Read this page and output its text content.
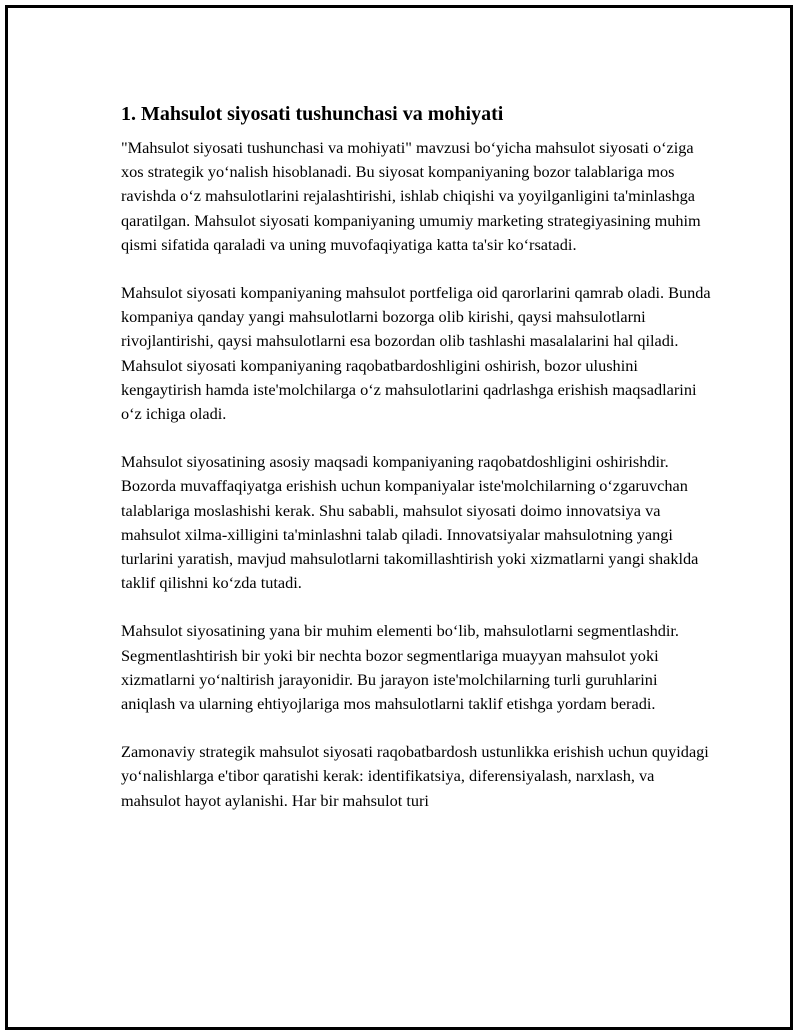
1. Mahsulot siyosati tushunchasi va mohiyati

"Mahsulot siyosati tushunchasi va mohiyati" mavzusi bo‘yicha mahsulot siyosati o‘ziga xos strategik yo‘nalish hisoblanadi. Bu siyosat kompaniyaning bozor talablariga mos ravishda o‘z mahsulotlarini rejalashtirishi, ishlab chiqishi va yoyilganligini ta'minlashga qaratilgan. Mahsulot siyosati kompaniyaning umumiy marketing strategiyasining muhim qismi sifatida qaraladi va uning muvofaqiyatiga katta ta'sir ko‘rsatadi.

Mahsulot siyosati kompaniyaning mahsulot portfeliga oid qarorlarini qamrab oladi. Bunda kompaniya qanday yangi mahsulotlarni bozorga olib kirishi, qaysi mahsulotlarni rivojlantirishi, qaysi mahsulotlarni esa bozordan olib tashlashi masalalarini hal qiladi. Mahsulot siyosati kompaniyaning raqobatbardoshligini oshirish, bozor ulushini kengaytirish hamda iste'molchilarga o‘z mahsulotlarini qadrlashga erishish maqsadlarini o‘z ichiga oladi.

Mahsulot siyosatining asosiy maqsadi kompaniyaning raqobatdoshligini oshirishdir. Bozorda muvaffaqiyatga erishish uchun kompaniyalar iste'molchilarning o‘zgaruvchan talablariga moslashishi kerak. Shu sababli, mahsulot siyosati doimo innovatsiya va mahsulot xilma-xilligini ta'minlashni talab qiladi. Innovatsiyalar mahsulotning yangi turlarini yaratish, mavjud mahsulotlarni takomillashtirish yoki xizmatlarni yangi shaklda taklif qilishni ko‘zda tutadi.

Mahsulot siyosatining yana bir muhim elementi bo‘lib, mahsulotlarni segmentlashdir. Segmentlashtirish bir yoki bir nechta bozor segmentlariga muayyan mahsulot yoki xizmatlarni yo‘naltirish jarayonidir. Bu jarayon iste'molchilarning turli guruhlarini aniqlash va ularning ehtiyojlariga mos mahsulotlarni taklif etishga yordam beradi.

Zamonaviy strategik mahsulot siyosati raqobatbardosh ustunlikka erishish uchun quyidagi yo‘nalishlarga e'tibor qaratishi kerak: identifikatsiya, diferensiyalash, narxlash, va mahsulot hayot aylanishi. Har bir mahsulot turi
